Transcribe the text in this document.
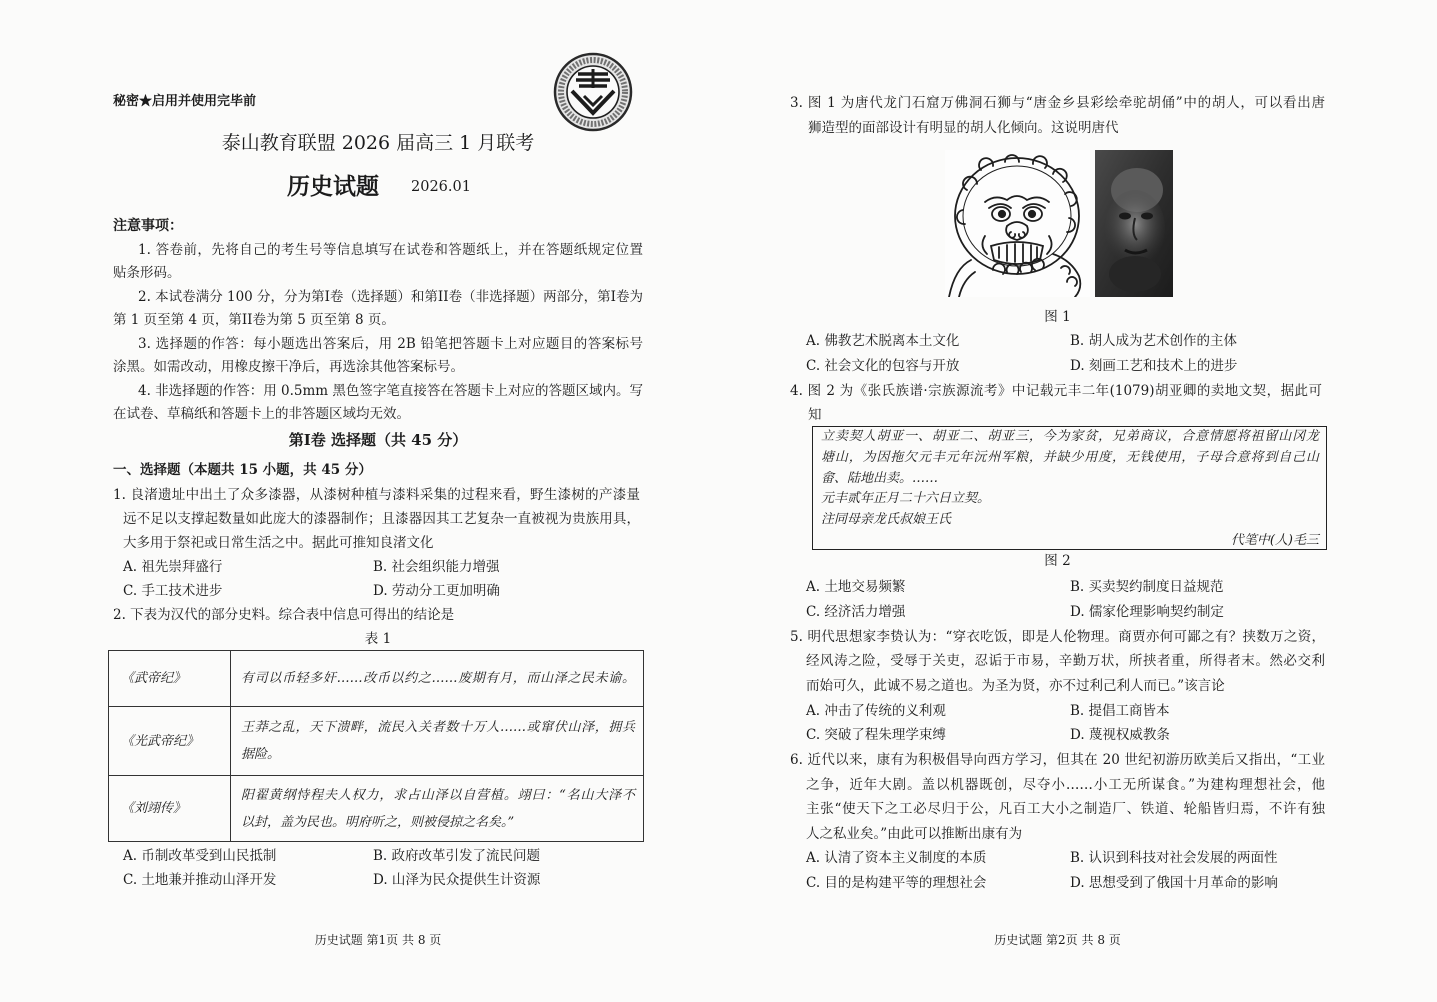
秘密★启用并使用完毕前
泰山教育联盟 2026 届高三 1 月联考
历史试题 2026.01
注意事项：
1. 答卷前，先将自己的考生号等信息填写在试卷和答题纸上，并在答题纸规定位置
贴条形码。
2. 本试卷满分 100 分，分为第I卷（选择题）和第II卷（非选择题）两部分，第I卷为
第 1 页至第 4 页，第II卷为第 5 页至第 8 页。
3. 选择题的作答：每小题选出答案后，用 2B 铅笔把答题卡上对应题目的答案标号
涂黑。如需改动，用橡皮擦干净后，再选涂其他答案标号。
4. 非选择题的作答：用 0.5mm 黑色签字笔直接答在答题卡上对应的答题区域内。写
在试卷、草稿纸和答题卡上的非答题区域均无效。
第Ⅰ卷 选择题（共 45 分）
一、选择题（本题共 15 小题，共 45 分）
1. 良渚遗址中出土了众多漆器，从漆树种植与漆料采集的过程来看，野生漆树的产漆量
远不足以支撑起数量如此庞大的漆器制作；且漆器因其工艺复杂一直被视为贵族用具，
大多用于祭祀或日常生活之中。据此可推知良渚文化
A. 祖先崇拜盛行	B. 社会组织能力增强
C. 手工技术进步	D. 劳动分工更加明确
2. 下表为汉代的部分史料。综合表中信息可得出的结论是
表 1
《武帝纪》	有司以币轻多奸……改币以约之……废期有月，而山泽之民未谕。

《光武帝纪》	王莽之乱，天下溃畔，流民入关者数十万人……或窜伏山泽，拥兵
据险。

《刘翊传》	阳翟黄纲恃程夫人权力，求占山泽以自营植。翊曰：“名山大泽不
以封，盖为民也。明府听之，则被侵掠之名矣。”
A. 币制改革受到山民抵制	B. 政府改革引发了流民问题
C. 土地兼并推动山泽开发	D. 山泽为民众提供生计资源
历史试题 第1页 共 8 页
3. 图 1 为唐代龙门石窟万佛洞石狮与“唐金乡县彩绘牵驼胡俑”中的胡人，可以看出唐
狮造型的面部设计有明显的胡人化倾向。这说明唐代
图 1
A. 佛教艺术脱离本土文化	B. 胡人成为艺术创作的主体
C. 社会文化的包容与开放	D. 刻画工艺和技术上的进步
4. 图 2 为《张氏族谱·宗族源流考》中记载元丰二年(1079)胡亚卿的卖地文契，据此可
知
立卖契人胡亚一、胡亚二、胡亚三，今为家贫，兄弟商议，合意情愿将祖留山冈龙
塘山，为因拖欠元丰元年沅州军粮，并缺少用度，无钱使用，子母合意将到自己山
畲、陆地出卖。……
元丰贰年正月二十六日立契。
注同母亲龙氏叔娘王氏
代笔中(人)毛三
图 2
A. 土地交易频繁	B. 买卖契约制度日益规范
C. 经济活力增强	D. 儒家伦理影响契约制定
5. 明代思想家李贽认为：“穿衣吃饭，即是人伦物理。商贾亦何可鄙之有？挟数万之资，
经风涛之险，受辱于关吏，忍诟于市易，辛勤万状，所挟者重，所得者末。然必交利
而始可久，此诚不易之道也。为圣为贤，亦不过利己利人而已。”该言论
A. 冲击了传统的义利观	B. 提倡工商皆本
C. 突破了程朱理学束缚	D. 蔑视权威教条
6. 近代以来，康有为积极倡导向西方学习，但其在 20 世纪初游历欧美后又指出，“工业
之争，近年大剧。盖以机器既创，尽夺小……小工无所谋食。”为建构理想社会，他
主张“使天下之工必尽归于公，凡百工大小之制造厂、铁道、轮船皆归焉，不许有独
人之私业矣。”由此可以推断出康有为
A. 认清了资本主义制度的本质	B. 认识到科技对社会发展的两面性
C. 目的是构建平等的理想社会	D. 思想受到了俄国十月革命的影响
历史试题 第2页 共 8 页
